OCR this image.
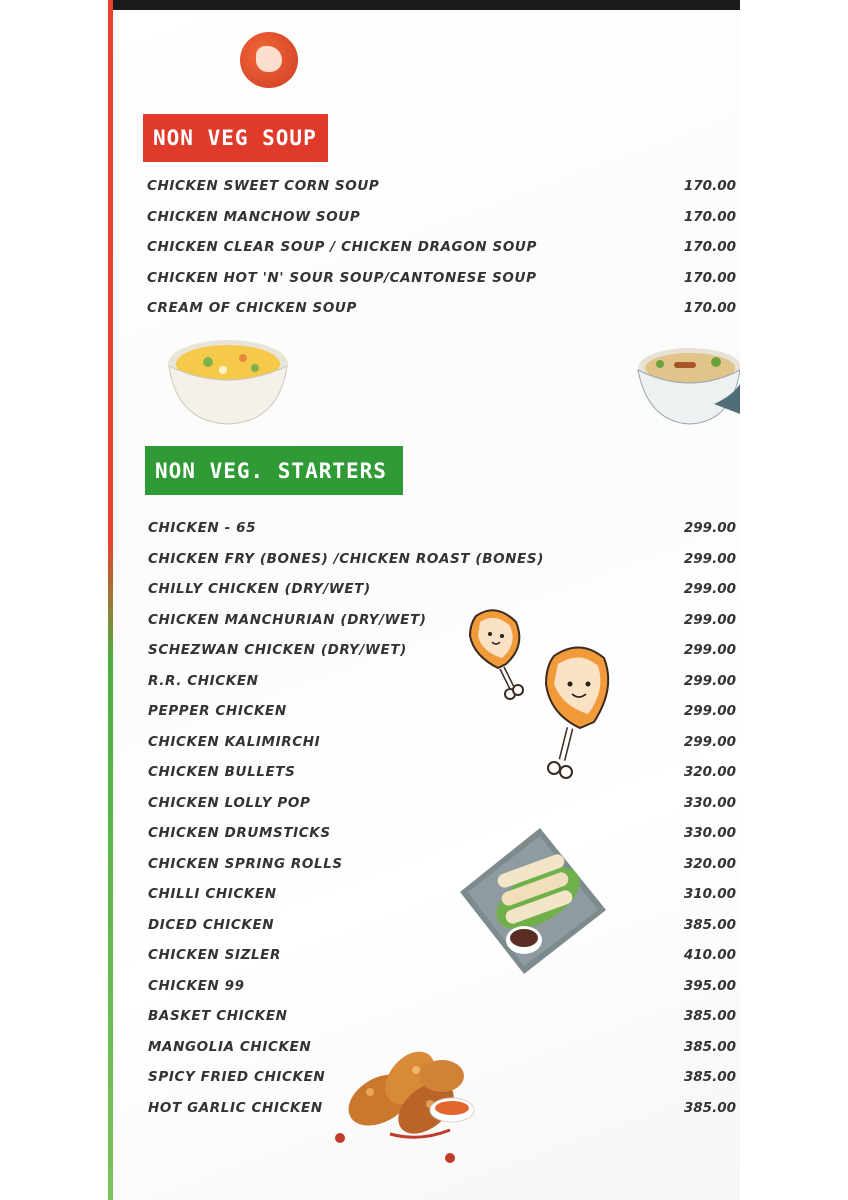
NON VEG SOUP
CHICKEN SWEET CORN SOUP	170.00
CHICKEN MANCHOW SOUP	170.00
CHICKEN CLEAR SOUP / CHICKEN DRAGON SOUP	170.00
CHICKEN HOT 'N' SOUR SOUP/CANTONESE SOUP	170.00
CREAM OF CHICKEN SOUP	170.00
NON VEG. STARTERS
CHICKEN - 65	299.00
CHICKEN FRY (BONES) /CHICKEN ROAST (BONES)	299.00
CHILLY CHICKEN (DRY/WET)	299.00
CHICKEN MANCHURIAN (DRY/WET)	299.00
SCHEZWAN CHICKEN (DRY/WET)	299.00
R.R. CHICKEN	299.00
PEPPER CHICKEN	299.00
CHICKEN KALIMIRCHI	299.00
CHICKEN BULLETS	320.00
CHICKEN LOLLY POP	330.00
CHICKEN DRUMSTICKS	330.00
CHICKEN SPRING ROLLS	320.00
CHILLI CHICKEN	310.00
DICED CHICKEN	385.00
CHICKEN SIZLER	410.00
CHICKEN 99	395.00
BASKET CHICKEN	385.00
MANGOLIA CHICKEN	385.00
SPICY FRIED CHICKEN	385.00
HOT GARLIC CHICKEN	385.00
